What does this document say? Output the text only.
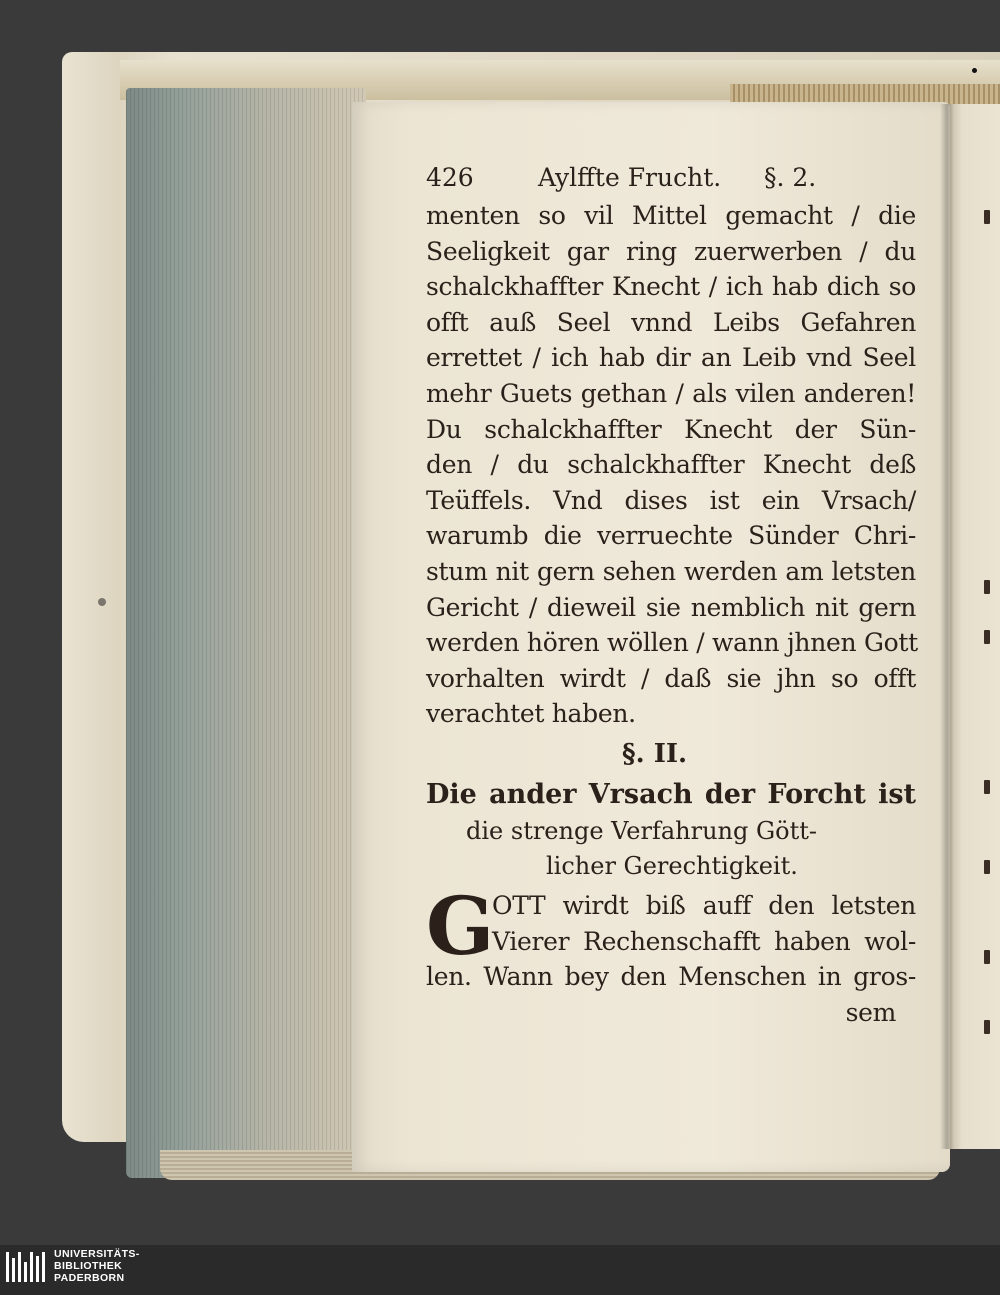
426	Aylffte Frucht. §. 2.
menten so vil Mittel gemacht / die
Seeligkeit gar ring zuerwerben / du
schalckhaffter Knecht / ich hab dich so
offt auß Seel vnnd Leibs Gefahren
errettet / ich hab dir an Leib vnd Seel
mehr Guets gethan / als vilen anderen!
Du schalckhaffter Knecht der Sün-
den / du schalckhaffter Knecht deß
Teüffels. Vnd dises ist ein Vrsach/
warumb die verruechte Sünder Chri-
stum nit gern sehen werden am letsten
Gericht / dieweil sie nemblich nit gern
werden hören wöllen / wann jhnen Gott
vorhalten wirdt / daß sie jhn so offt
verachtet haben.
§. II.
Die ander Vrsach der Forcht ist
die strenge Verfahrung Gött-
licher Gerechtigkeit.
G
OTT wirdt biß auff den letsten
Vierer Rechenschafft haben wol-
len. Wann bey den Menschen in gros-
sem
UNIVERSITÄTS-
BIBLIOTHEK
PADERBORN
